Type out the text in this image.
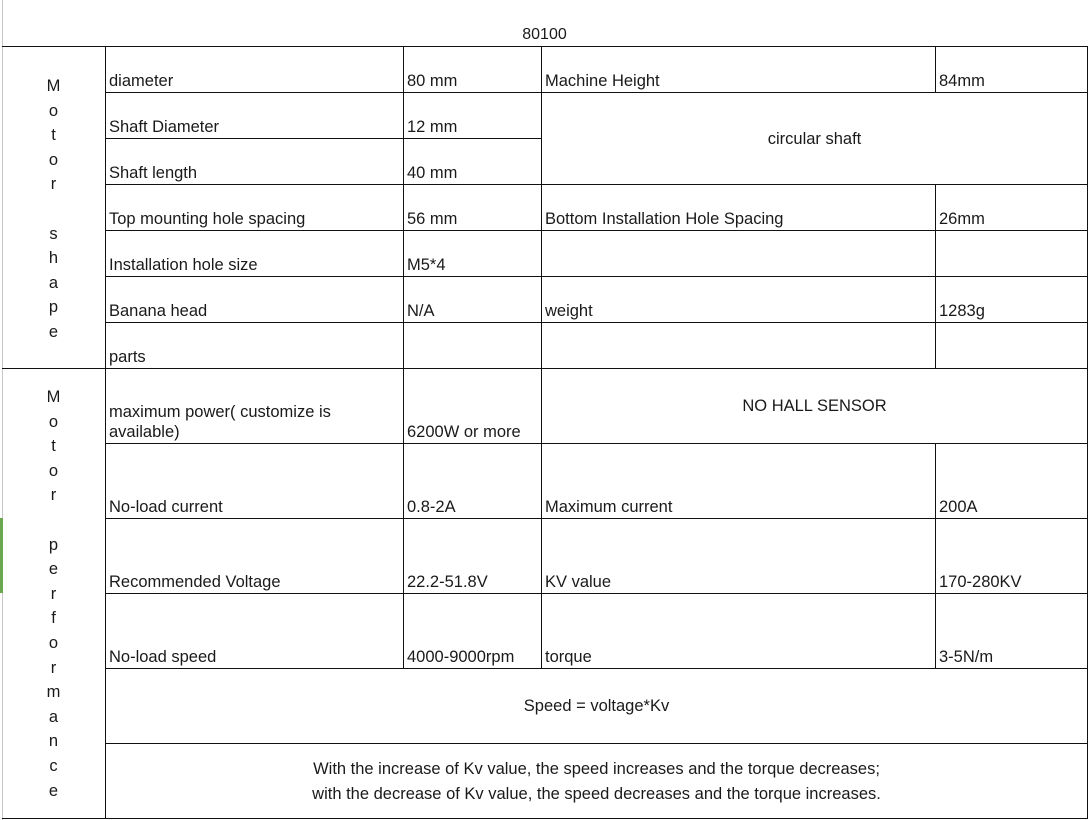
80100
M
o
t
o
r
s
h
a
p
e
M
o
t
o
r
p
e
r
f
o
r
m
a
n
c
e
diameter	80 mm	Machine Height	84mm
Shaft Diameter	12 mm
circular shaft
Shaft length	40 mm
Top mounting hole spacing	56 mm	Bottom Installation Hole Spacing	26mm
Installation hole size	M5*4
Banana head	N/A	weight	1283g
parts
maximum power( customize is available)	6200W or more
NO HALL SENSOR
No-load current	0.8-2A	Maximum current	200A
Recommended Voltage	22.2-51.8V	KV value	170-280KV
No-load speed	4000-9000rpm	torque	3-5N/m
Speed = voltage*Kv
With the increase of Kv value, the speed increases and the torque decreases;
with the decrease of Kv value, the speed decreases and the torque increases.
